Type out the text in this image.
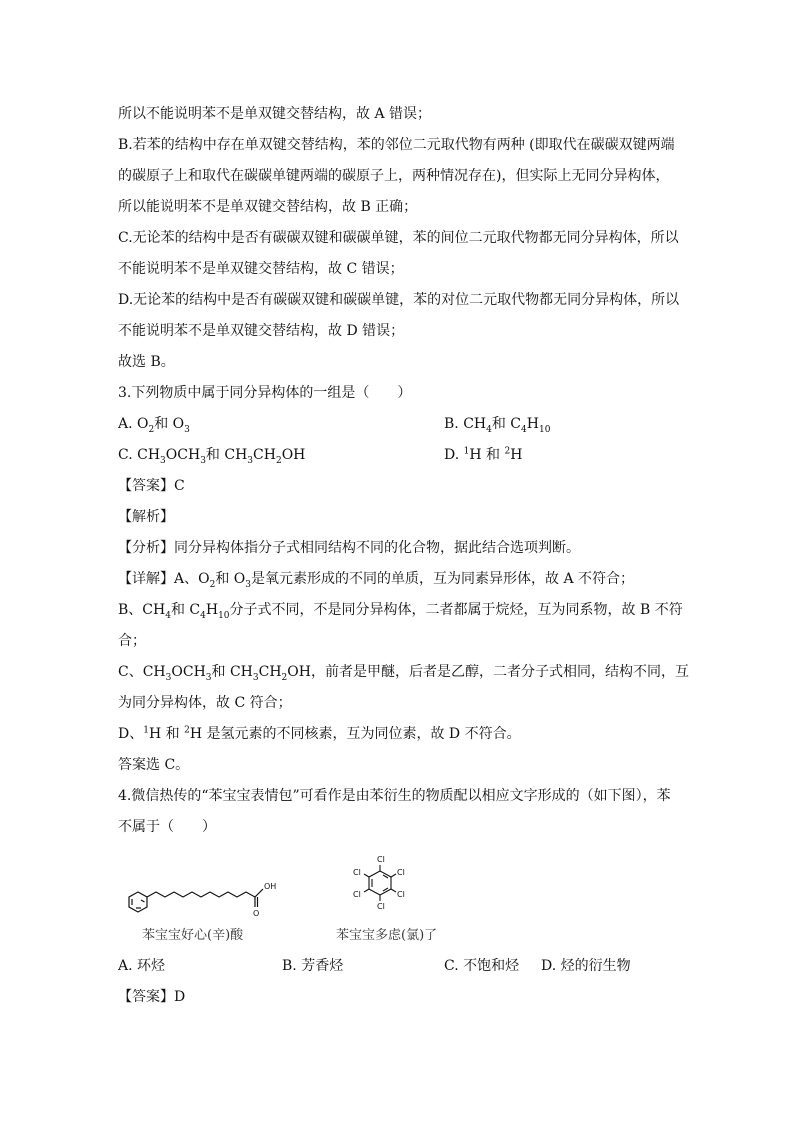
所以不能说明苯不是单双键交替结构，故 A 错误；
B.若苯的结构中存在单双键交替结构，苯的邻位二元取代物有两种 (即取代在碳碳双键两端
的碳原子上和取代在碳碳单键两端的碳原子上，两种情况存在)，但实际上无同分异构体，
所以能说明苯不是单双键交替结构，故 B 正确；
C.无论苯的结构中是否有碳碳双键和碳碳单键，苯的间位二元取代物都无同分异构体，所以
不能说明苯不是单双键交替结构，故 C 错误；
D.无论苯的结构中是否有碳碳双键和碳碳单键，苯的对位二元取代物都无同分异构体，所以
不能说明苯不是单双键交替结构，故 D 错误；
故选 B。
3.下列物质中属于同分异构体的一组是（　　）
A. $O_2$和 $O_3$	B. $CH_4$和 $C_4H_{10}$
C. $CH_3OCH_3$和 $CH_3CH_2OH$	D. $^1$H 和 $^2$H
【答案】C
【解析】
【分析】同分异构体指分子式相同结构不同的化合物，据此结合选项判断。
【详解】A、$O_2$和 $O_3$是氧元素形成的不同的单质，互为同素异形体，故 A 不符合；
B、$CH_4$和 $C_4H_{10}$分子式不同，不是同分异构体，二者都属于烷烃，互为同系物，故 B 不符
合；
C、$CH_3OCH_3$和 $CH_3CH_2OH$，前者是甲醚，后者是乙醇，二者分子式相同，结构不同，互
为同分异构体，故 C 符合；
D、$^1$H 和 $^2$H 是氢元素的不同核素，互为同位素，故 D 不符合。
答案选 C。
4.微信热传的“苯宝宝表情包”可看作是由苯衍生的物质配以相应文字形成的（如下图），苯
不属于（　　）
OH
O
苯宝宝好心(辛)酸
Cl
Cl
Cl
Cl
Cl
Cl
苯宝宝多虑(氯)了
A. 环烃	B. 芳香烃	C. 不饱和烃 D. 烃的衍生物
【答案】D
